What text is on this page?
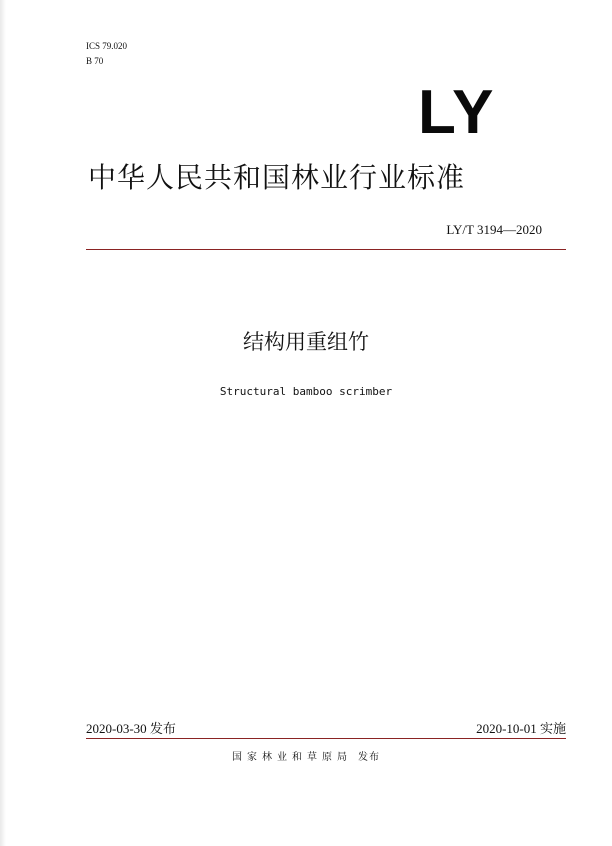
ICS 79.020
B 70
LY
中华人民共和国林业行业标准
LY/T 3194—2020
结构用重组竹
Structural bamboo scrimber
2020-03-30 发布	2020-10-01 实施
国家林业和草原局 发布
